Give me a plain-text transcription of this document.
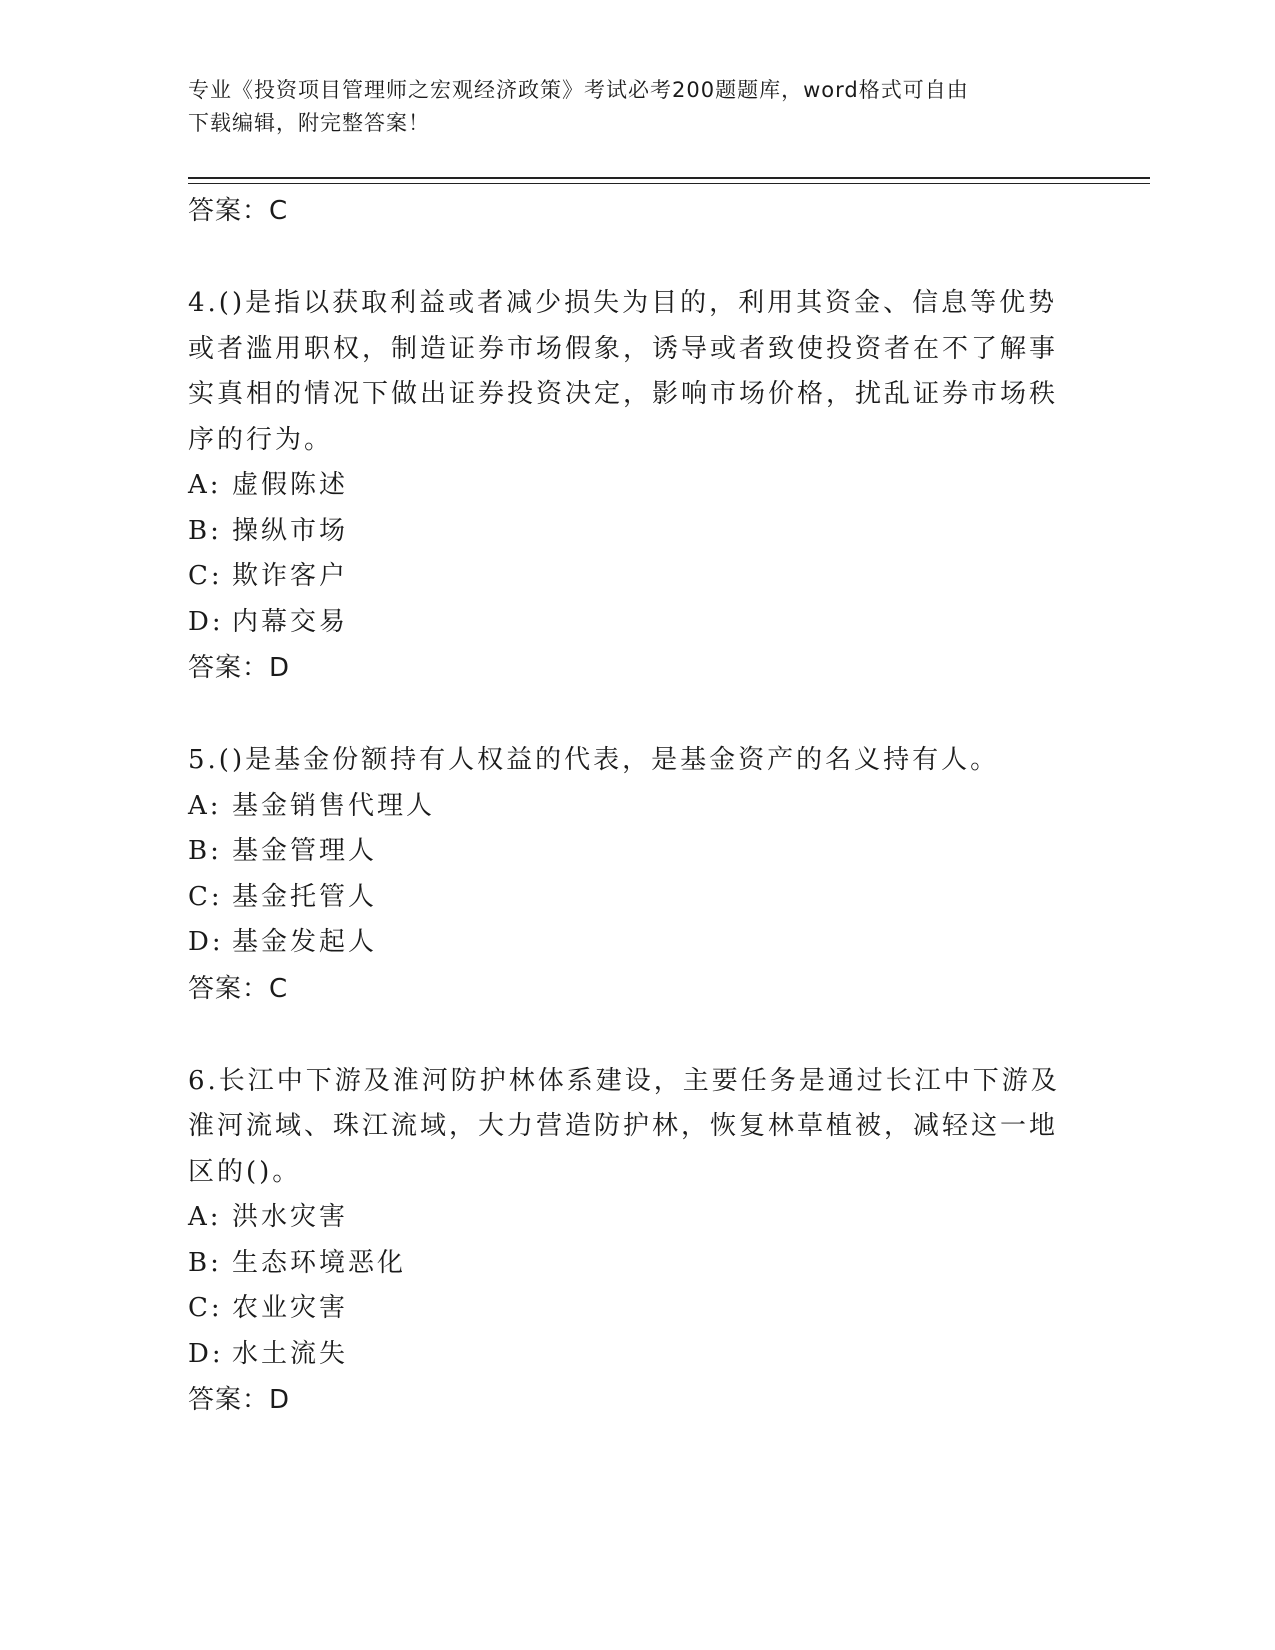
专业《投资项目管理师之宏观经济政策》考试必考200题题库，word格式可自由
下载编辑，附完整答案！
答案：C
4.()是指以获取利益或者减少损失为目的，利用其资金、信息等优势
或者滥用职权，制造证券市场假象，诱导或者致使投资者在不了解事
实真相的情况下做出证券投资决定，影响市场价格，扰乱证券市场秩
序的行为。
A: 虚假陈述
B: 操纵市场
C: 欺诈客户
D: 内幕交易
答案：D
5.()是基金份额持有人权益的代表，是基金资产的名义持有人。
A: 基金销售代理人
B: 基金管理人
C: 基金托管人
D: 基金发起人
答案：C
6.长江中下游及淮河防护林体系建设，主要任务是通过长江中下游及
淮河流域、珠江流域，大力营造防护林，恢复林草植被，减轻这一地
区的()。
A: 洪水灾害
B: 生态环境恶化
C: 农业灾害
D: 水土流失
答案：D
